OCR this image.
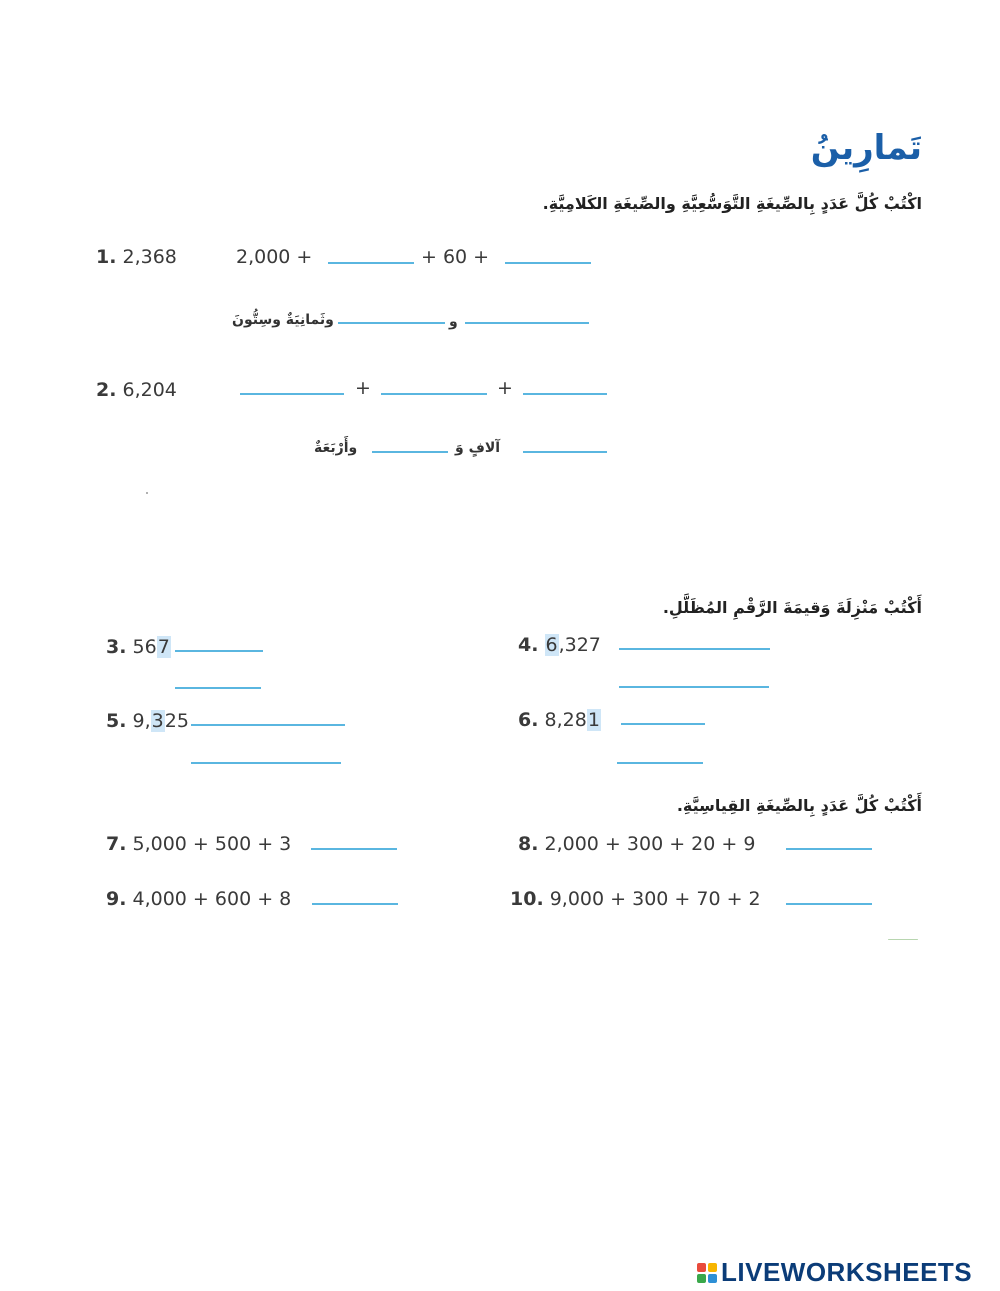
تَمارِينُ
اكْتُبْ كُلَّ عَدَدٍ بِالصِّيغَةِ التَّوَسُّعِيَّةِ والصِّيغَةِ الكَلامِيَّةِ.
1. 2,368	2,000 +	+ 60 +
و
وثَمانِيَةٌ وسِتُّونَ
2. 6,204	+	+
آلافٍ وَ
وأَرْبَعَةٌ
أَكْتُبْ مَنْزِلَةَ وَقيمَةَ الرَّقْمِ المُظَلَّلِ.
3. 567	4. 6,327
5. 9,325	6. 8,281
أَكْتُبْ كُلَّ عَدَدٍ بِالصِّيغَةِ القِياسِيَّةِ.
7. 5,000 + 500 + 3	8. 2,000 + 300 + 20 + 9
9. 4,000 + 600 + 8	10. 9,000 + 300 + 70 + 2
LIVEWORKSHEETS
